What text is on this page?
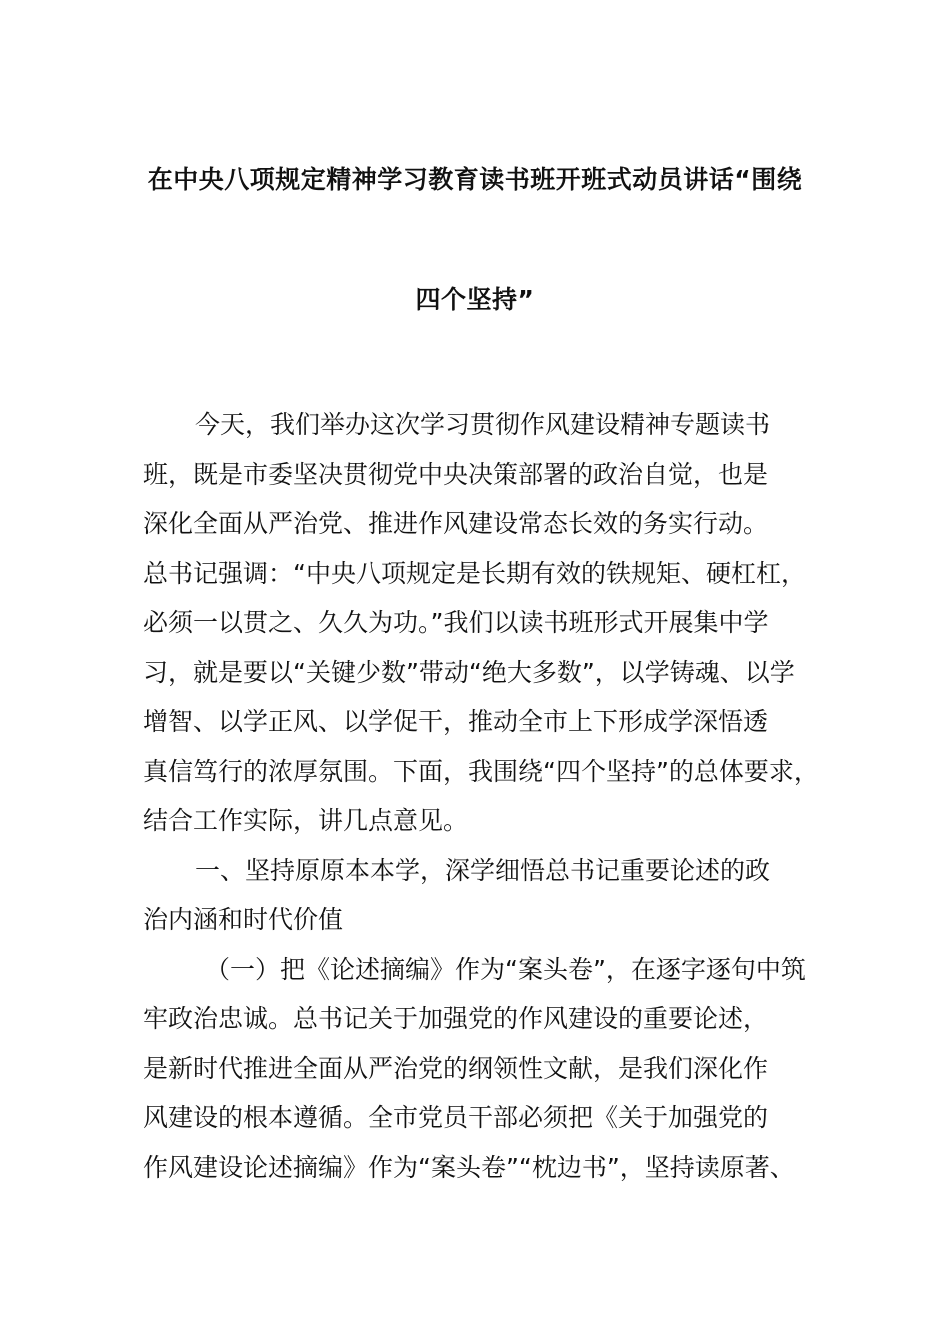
在中央八项规定精神学习教育读书班开班式动员讲话“围绕
四个坚持”
今天，我们举办这次学习贯彻作风建设精神专题读书
班，既是市委坚决贯彻党中央决策部署的政治自觉，也是
深化全面从严治党、推进作风建设常态长效的务实行动。
总书记强调：“中央八项规定是长期有效的铁规矩、硬杠杠，
必须一以贯之、久久为功。”我们以读书班形式开展集中学
习，就是要以“关键少数”带动“绝大多数”，以学铸魂、以学
增智、以学正风、以学促干，推动全市上下形成学深悟透
真信笃行的浓厚氛围。下面，我围绕“四个坚持”的总体要求，
结合工作实际，讲几点意见。
一、坚持原原本本学，深学细悟总书记重要论述的政
治内涵和时代价值
（一）把《论述摘编》作为“案头卷”，在逐字逐句中筑
牢政治忠诚。总书记关于加强党的作风建设的重要论述，
是新时代推进全面从严治党的纲领性文献，是我们深化作
风建设的根本遵循。全市党员干部必须把《关于加强党的
作风建设论述摘编》作为“案头卷”“枕边书”，坚持读原著、
